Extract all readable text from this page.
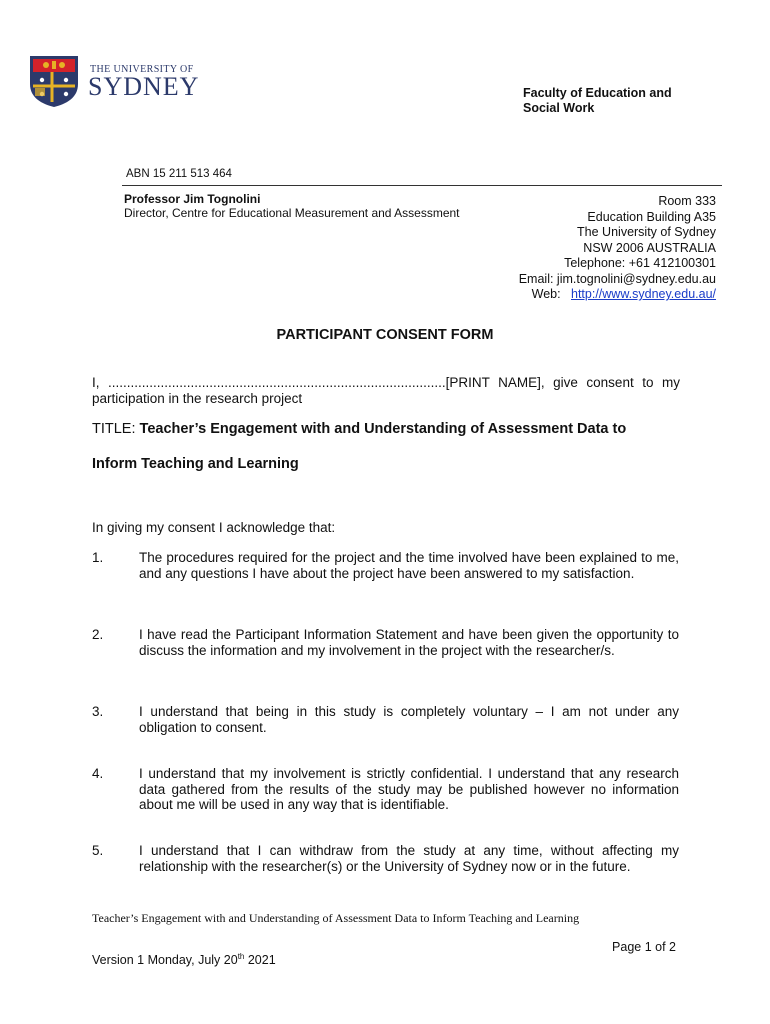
THE UNIVERSITY OF
SYDNEY	Faculty of Education and
Social Work
ABN 15 211 513 464
Professor Jim Tognolini
Director, Centre for Educational Measurement and Assessment
Room 333
Education Building A35
The University of Sydney
NSW 2006 AUSTRALIA
Telephone: +61 412100301
Email: jim.tognolini@sydney.edu.au
Web: http://www.sydney.edu.au/
PARTICIPANT CONSENT FORM
I, ..........................................................................................[PRINT NAME], give consent to my participation in the research project
TITLE: Teacher’s Engagement with and Understanding of Assessment Data to
Inform Teaching and Learning
In giving my consent I acknowledge that:
1.	The procedures required for the project and the time involved have been explained to me, and any questions I have about the project have been answered to my satisfaction.
2.	I have read the Participant Information Statement and have been given the opportunity to discuss the information and my involvement in the project with the researcher/s.
3.	I understand that being in this study is completely voluntary – I am not under any obligation to consent.
4.	I understand that my involvement is strictly confidential. I understand that any research data gathered from the results of the study may be published however no information about me will be used in any way that is identifiable.
5.	I understand that I can withdraw from the study at any time, without affecting my relationship with the researcher(s) or the University of Sydney now or in the future.
Teacher’s Engagement with and Understanding of Assessment Data to Inform Teaching and Learning
Page 1 of 2
Version 1 Monday, July 20th 2021
